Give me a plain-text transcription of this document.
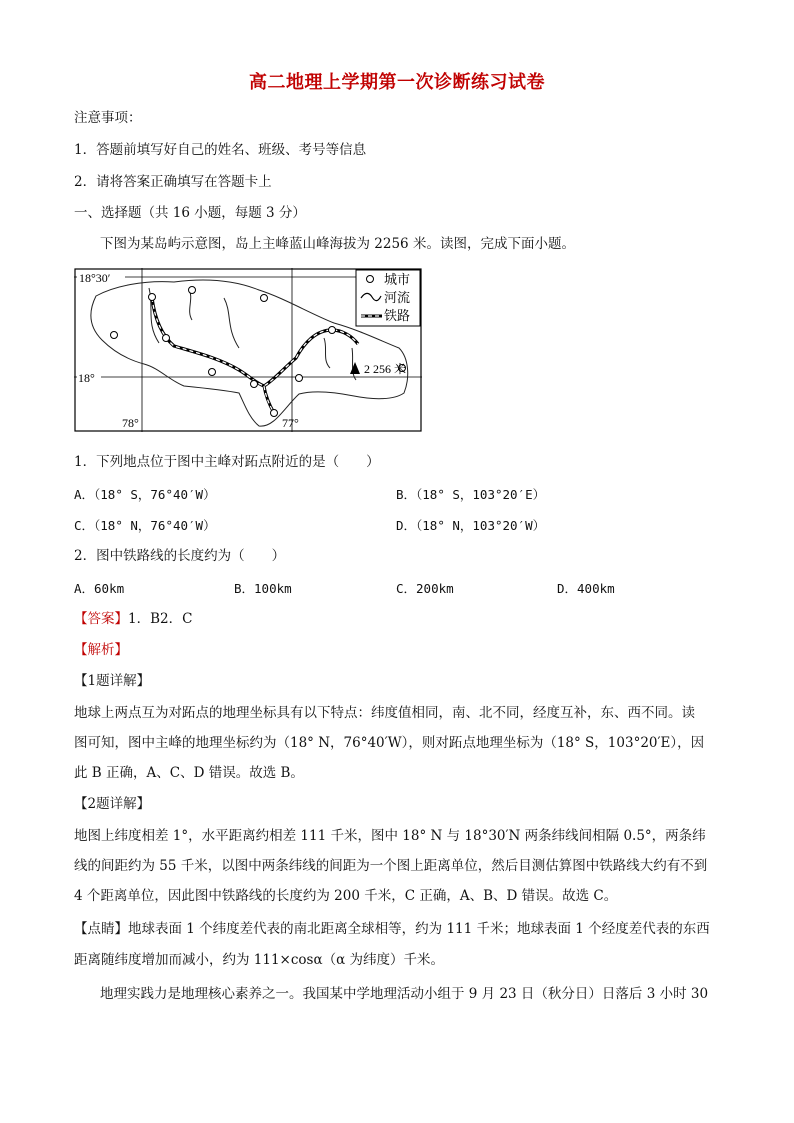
高二地理上学期第一次诊断练习试卷
注意事项：
1．答题前填写好自己的姓名、班级、考号等信息
2．请将答案正确填写在答题卡上
一、选择题（共 16 小题，每题 3 分）
下图为某岛屿示意图，岛上主峰蓝山峰海拔为 2256 米。读图，完成下面小题。
2 256 米
城市
河流
铁路
18°30′
18°
78°	77°
1．下列地点位于图中主峰对跖点附近的是（　　）
A．（18° S，76°40′W）	B．（18° S，103°20′E）
C．（18° N，76°40′W）	D．（18° N，103°20′W）
2．图中铁路线的长度约为（　　）
A．60km	B．100km	C．200km	D．400km
【答案】1．B2．C
【解析】
【1题详解】
地球上两点互为对跖点的地理坐标具有以下特点：纬度值相同，南、北不同，经度互补，东、西不同。读
图可知，图中主峰的地理坐标约为（18° N，76°40′W），则对跖点地理坐标为（18° S，103°20′E），因
此 B 正确，A、C、D 错误。故选 B。
【2题详解】
地图上纬度相差 1°，水平距离约相差 111 千米，图中 18° N 与 18°30′N 两条纬线间相隔 0.5°，两条纬
线的间距约为 55 千米，以图中两条纬线的间距为一个图上距离单位，然后目测估算图中铁路线大约有不到
4 个距离单位，因此图中铁路线的长度约为 200 千米，C 正确，A、B、D 错误。故选 C。
【点睛】地球表面 1 个纬度差代表的南北距离全球相等，约为 111 千米；地球表面 1 个经度差代表的东西
距离随纬度增加而减小，约为 111×cosα（α 为纬度）千米。
地理实践力是地理核心素养之一。我国某中学地理活动小组于 9 月 23 日（秋分日）日落后 3 小时 30
